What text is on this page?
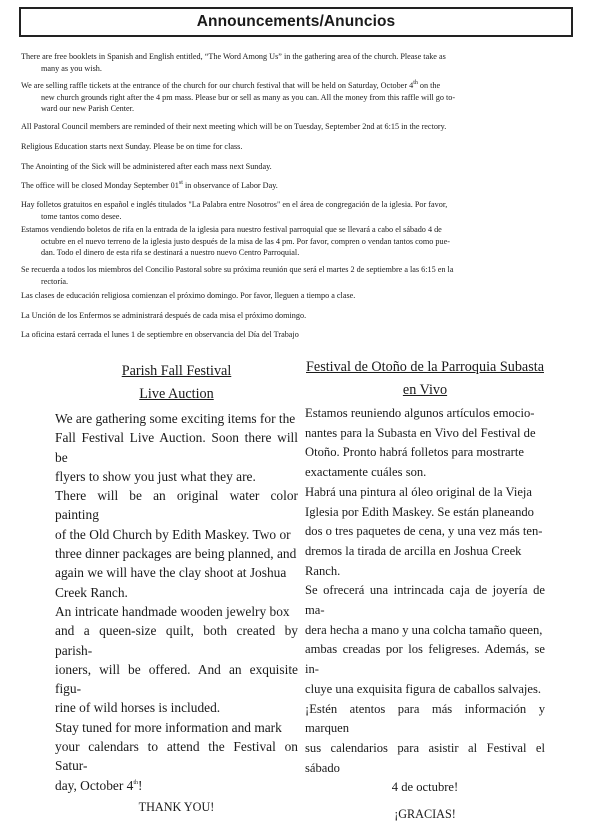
Announcements/Anuncios

There are free booklets in Spanish and English entitled, “The Word Among Us” in the gathering area of the church. Please take as
many as you wish.

We are selling raffle tickets at the entrance of the church for our church festival that will be held on Saturday, October 4th on the
new church grounds right after the 4 pm mass. Please bur or sell as many as you can. All the money from this raffle will go to-
ward our new Parish Center.

All Pastoral Council members are reminded of their next meeting which will be on Tuesday, September 2nd at 6:15 in the rectory.

Religious Education starts next Sunday. Please be on time for class.

The Anointing of the Sick will be administered after each mass next Sunday.

The office will be closed Monday September 01st in observance of Labor Day.

Hay folletos gratuitos en español e inglés titulados "La Palabra entre Nosotros" en el área de congregación de la iglesia. Por favor,
tome tantos como desee.

Estamos vendiendo boletos de rifa en la entrada de la iglesia para nuestro festival parroquial que se llevará a cabo el sábado 4 de
octubre en el nuevo terreno de la iglesia justo después de la misa de las 4 pm. Por favor, compren o vendan tantos como pue-
dan. Todo el dinero de esta rifa se destinará a nuestro nuevo Centro Parroquial.

Se recuerda a todos los miembros del Concilio Pastoral sobre su próxima reunión que será el martes 2 de septiembre a las 6:15 en la
rectoría.

Las clases de educación religiosa comienzan el próximo domingo. Por favor, lleguen a tiempo a clase.

La Unción de los Enfermos se administrará después de cada misa el próximo domingo.

La oficina estará cerrada el lunes 1 de septiembre en observancia del Día del Trabajo

Parish Fall Festival

Live Auction

We are gathering some exciting items for the
Fall Festival Live Auction. Soon there will be
flyers to show you just what they are.

There will be an original water color painting
of the Old Church by Edith Maskey. Two or
three dinner packages are being planned, and
again we will have the clay shoot at Joshua
Creek Ranch.

An intricate handmade wooden jewelry box
and a queen-size quilt, both created by parish-
ioners, will be offered. And an exquisite figu-
rine of wild horses is included.

Stay tuned for more information and mark
your calendars to attend the Festival on Satur-
day, October 4th!

THANK YOU!

Festival de Otoño de la Parroquia Subasta

en Vivo

Estamos reuniendo algunos artículos emocio-
nantes para la Subasta en Vivo del Festival de
Otoño. Pronto habrá folletos para mostrarte
exactamente cuáles son.

Habrá una pintura al óleo original de la Vieja
Iglesia por Edith Maskey. Se están planeando
dos o tres paquetes de cena, y una vez más ten-
dremos la tirada de arcilla en Joshua Creek
Ranch.

Se ofrecerá una intrincada caja de joyería de ma-
dera hecha a mano y una colcha tamaño queen,
ambas creadas por los feligreses. Además, se in-
cluye una exquisita figura de caballos salvajes.

¡Estén atentos para más información y marquen
sus calendarios para asistir al Festival el sábado
4 de octubre!

¡GRACIAS!
